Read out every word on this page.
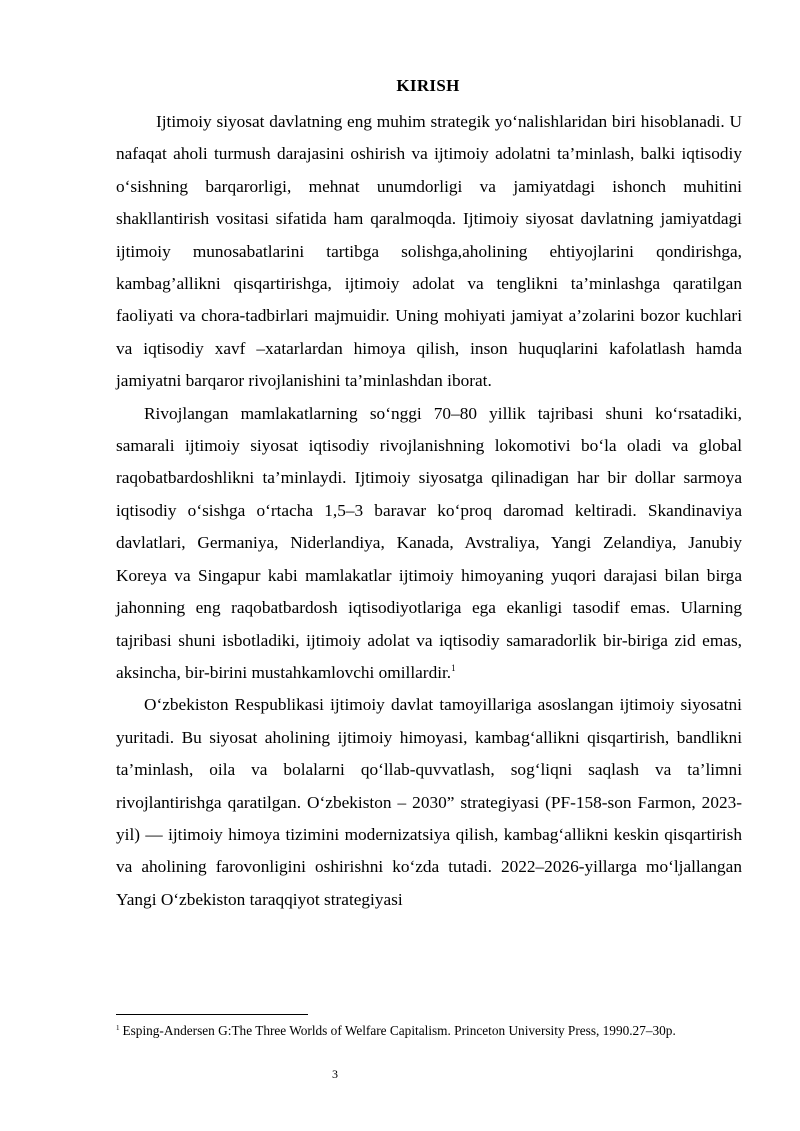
KIRISH

Ijtimoiy siyosat davlatning eng muhim strategik yo‘nalishlaridan biri hisoblanadi. U nafaqat aholi turmush darajasini oshirish va ijtimoiy adolatni ta’minlash, balki iqtisodiy o‘sishning barqarorligi, mehnat unumdorligi va jamiyatdagi ishonch muhitini shakllantirish vositasi sifatida ham qaralmoqda. Ijtimoiy siyosat davlatning jamiyatdagi ijtimoiy munosabatlarini tartibga solishga,aholining ehtiyojlarini qondirishga, kambag’allikni qisqartirishga, ijtimoiy adolat va tenglikni ta’minlashga qaratilgan faoliyati va chora-tadbirlari majmuidir. Uning mohiyati jamiyat a’zolarini bozor kuchlari va iqtisodiy xavf –xatarlardan himoya qilish, inson huquqlarini kafolatlash hamda jamiyatni barqaror rivojlanishini ta’minlashdan iborat.

Rivojlangan mamlakatlarning so‘nggi 70–80 yillik tajribasi shuni ko‘rsatadiki, samarali ijtimoiy siyosat iqtisodiy rivojlanishning lokomotivi bo‘la oladi va global raqobatbardoshlikni ta’minlaydi. Ijtimoiy siyosatga qilinadigan har bir dollar sarmoya iqtisodiy o‘sishga o‘rtacha 1,5–3 baravar ko‘proq daromad keltiradi. Skandinaviya davlatlari, Germaniya, Niderlandiya, Kanada, Avstraliya, Yangi Zelandiya, Janubiy Koreya va Singapur kabi mamlakatlar ijtimoiy himoyaning yuqori darajasi bilan birga jahonning eng raqobatbardosh iqtisodiyotlariga ega ekanligi tasodif emas. Ularning tajribasi shuni isbotladiki, ijtimoiy adolat va iqtisodiy samaradorlik bir-biriga zid emas, aksincha, bir-birini mustahkamlovchi omillardir.$^1$

O‘zbekiston Respublikasi ijtimoiy davlat tamoyillariga asoslangan ijtimoiy siyosatni yuritadi. Bu siyosat aholining ijtimoiy himoyasi, kambag‘allikni qisqartirish, bandlikni ta’minlash, oila va bolalarni qo‘llab-quvvatlash, sog‘liqni saqlash va ta’limni rivojlantirishga qaratilgan. O‘zbekiston – 2030” strategiyasi (PF-158-son Farmon, 2023-yil) — ijtimoiy himoya tizimini modernizatsiya qilish, kambag‘allikni keskin qisqartirish va aholining farovonligini oshirishni ko‘zda tutadi. 2022–2026-yillarga mo‘ljallangan Yangi O‘zbekiston taraqqiyot strategiyasi

$^1$ Esping-Andersen G:The Three Worlds of Welfare Capitalism. Princeton University Press, 1990.27–30p.
3
